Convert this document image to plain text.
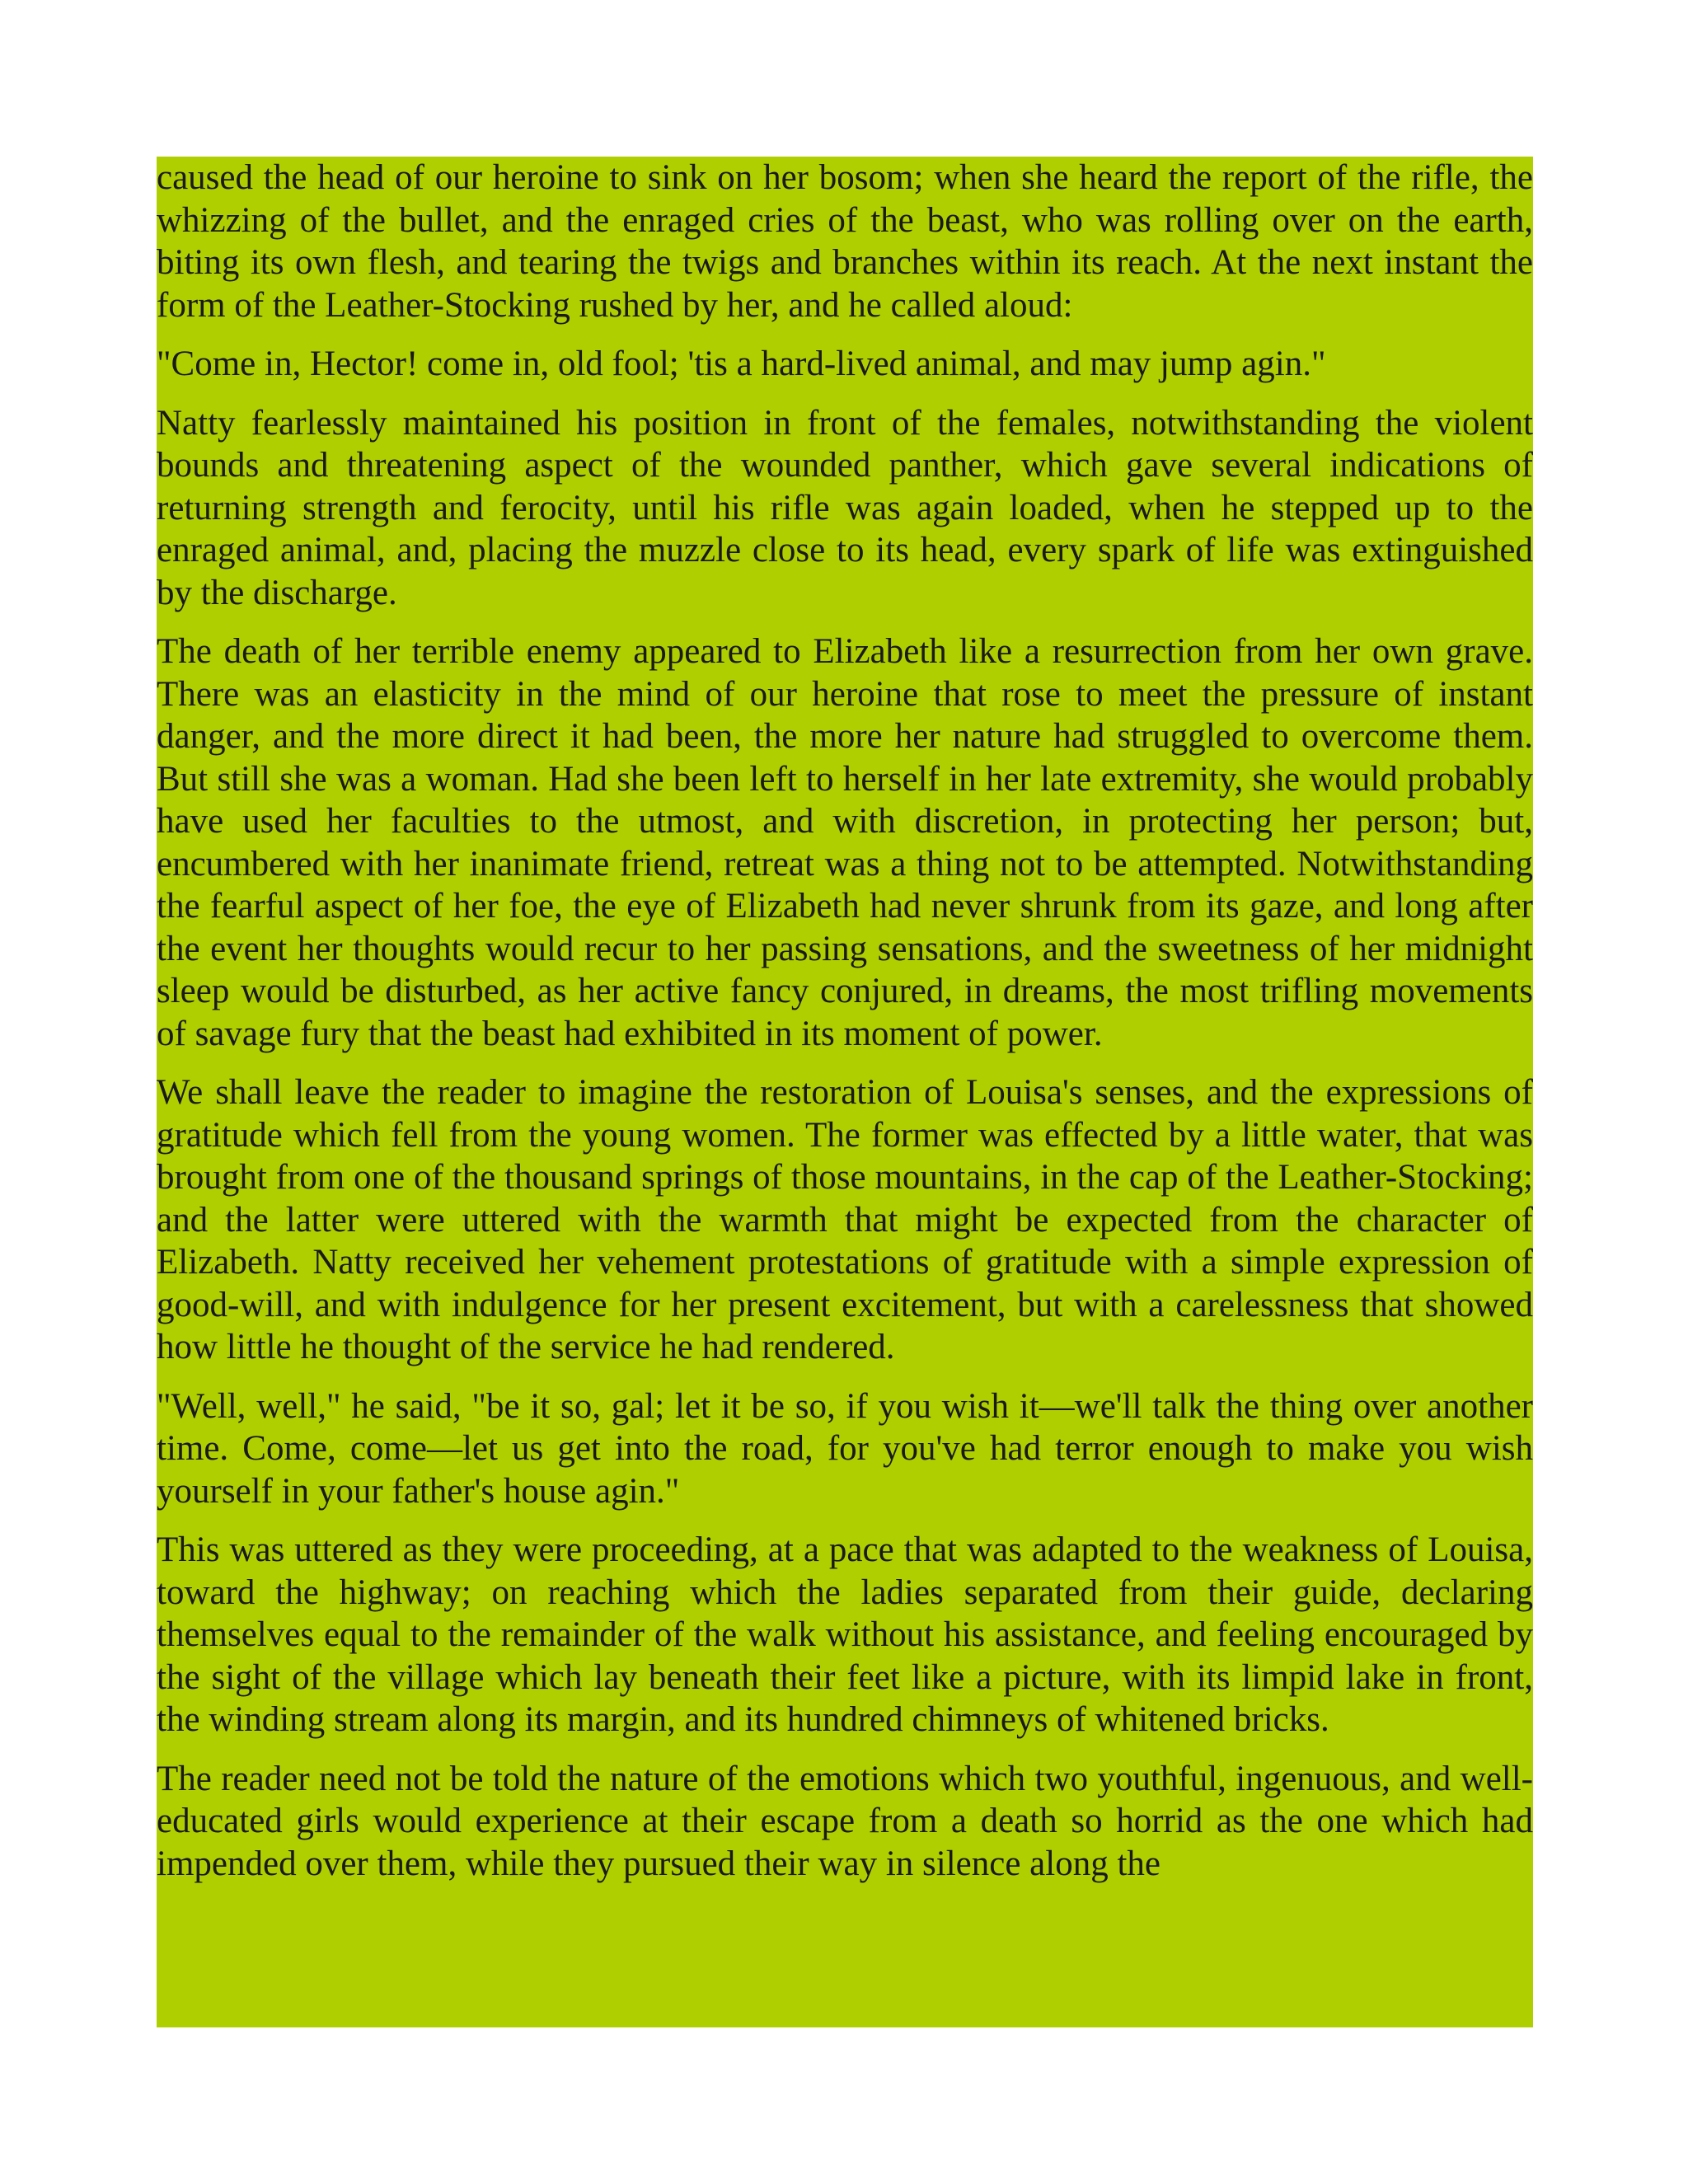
caused the head of our heroine to sink on her bosom; when she heard the report of the rifle, the whizzing of the bullet, and the enraged cries of the beast, who was rolling over on the earth, biting its own flesh, and tearing the twigs and branches within its reach. At the next instant the form of the Leather-Stocking rushed by her, and he called aloud:

"Come in, Hector! come in, old fool; 'tis a hard-lived animal, and may jump agin."

Natty fearlessly maintained his position in front of the females, notwithstanding the violent bounds and threatening aspect of the wounded panther, which gave several indications of returning strength and ferocity, until his rifle was again loaded, when he stepped up to the enraged animal, and, placing the muzzle close to its head, every spark of life was extinguished by the discharge.

The death of her terrible enemy appeared to Elizabeth like a resurrection from her own grave. There was an elasticity in the mind of our heroine that rose to meet the pressure of instant danger, and the more direct it had been, the more her nature had struggled to overcome them. But still she was a woman. Had she been left to herself in her late extremity, she would probably have used her faculties to the utmost, and with discretion, in protecting her person; but, encumbered with her inanimate friend, retreat was a thing not to be attempted. Notwithstanding the fearful aspect of her foe, the eye of Elizabeth had never shrunk from its gaze, and long after the event her thoughts would recur to her passing sensations, and the sweetness of her midnight sleep would be disturbed, as her active fancy conjured, in dreams, the most trifling movements of savage fury that the beast had exhibited in its moment of power.

We shall leave the reader to imagine the restoration of Louisa's senses, and the expressions of gratitude which fell from the young women. The former was effected by a little water, that was brought from one of the thousand springs of those mountains, in the cap of the Leather-Stocking; and the latter were uttered with the warmth that might be expected from the character of Elizabeth. Natty received her vehement protestations of gratitude with a simple expression of good-will, and with indulgence for her present excitement, but with a carelessness that showed how little he thought of the service he had rendered.

"Well, well," he said, "be it so, gal; let it be so, if you wish it—we'll talk the thing over another time. Come, come—let us get into the road, for you've had terror enough to make you wish yourself in your father's house agin."

This was uttered as they were proceeding, at a pace that was adapted to the weakness of Louisa, toward the highway; on reaching which the ladies separated from their guide, declaring themselves equal to the remainder of the walk without his assistance, and feeling encouraged by the sight of the village which lay beneath their feet like a picture, with its limpid lake in front, the winding stream along its margin, and its hundred chimneys of whitened bricks.

The reader need not be told the nature of the emotions which two youthful, ingenuous, and well-educated girls would experience at their escape from a death so horrid as the one which had impended over them, while they pursued their way in silence along the
